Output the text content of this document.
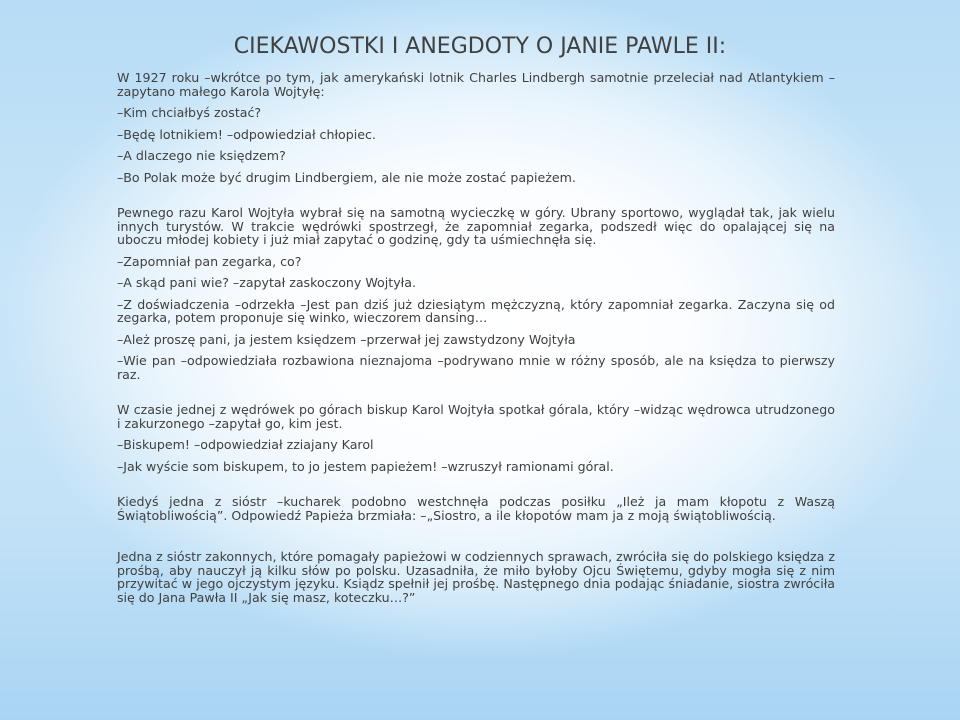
CIEKAWOSTKI I ANEGDOTY O JANIE PAWLE II:

W 1927 roku –wkrótce po tym, jak amerykański lotnik Charles Lindbergh samotnie przeleciał nad Atlantykiem –zapytano małego Karola Wojtyłę:

–Kim chciałbyś zostać?

–Będę lotnikiem! –odpowiedział chłopiec.

–A dlaczego nie księdzem?

–Bo Polak może być drugim Lindbergiem, ale nie może zostać papieżem.

Pewnego razu Karol Wojtyła wybrał się na samotną wycieczkę w góry. Ubrany sportowo, wyglądał tak, jak wielu innych turystów. W trakcie wędrówki spostrzegł, że zapomniał zegarka, podszedł więc do opalającej się na uboczu młodej kobiety i już miał zapytać o godzinę, gdy ta uśmiechnęła się.

–Zapomniał pan zegarka, co?

–A skąd pani wie? –zapytał zaskoczony Wojtyła.

–Z doświadczenia –odrzekła –Jest pan dziś już dziesiątym mężczyzną, który zapomniał zegarka. Zaczyna się od zegarka, potem proponuje się winko, wieczorem dansing…

–Ależ proszę pani, ja jestem księdzem –przerwał jej zawstydzony Wojtyła

–Wie pan –odpowiedziała rozbawiona nieznajoma –podrywano mnie w różny sposób, ale na księdza to pierwszy raz.

W czasie jednej z wędrówek po górach biskup Karol Wojtyła spotkał górala, który –widząc wędrowca utrudzonego i zakurzonego –zapytał go, kim jest.

–Biskupem! –odpowiedział zziajany Karol

–Jak wyście som biskupem, to jo jestem papieżem! –wzruszył ramionami góral.

Kiedyś jedna z sióstr –kucharek podobno westchnęła podczas posiłku „Ileż ja mam kłopotu z Waszą Świątobliwością”. Odpowiedź Papieża brzmiała: –„Siostro, a ile kłopotów mam ja z moją świątobliwością.

Jedna z sióstr zakonnych, które pomagały papieżowi w codziennych sprawach, zwróciła się do polskiego księdza z prośbą, aby nauczył ją kilku słów po polsku. Uzasadniła, że miło byłoby Ojcu Świętemu, gdyby mogła się z nim przywitać w jego ojczystym języku. Ksiądz spełnił jej prośbę. Następnego dnia podając śniadanie, siostra zwróciła się do Jana Pawła II „Jak się masz, koteczku…?”
